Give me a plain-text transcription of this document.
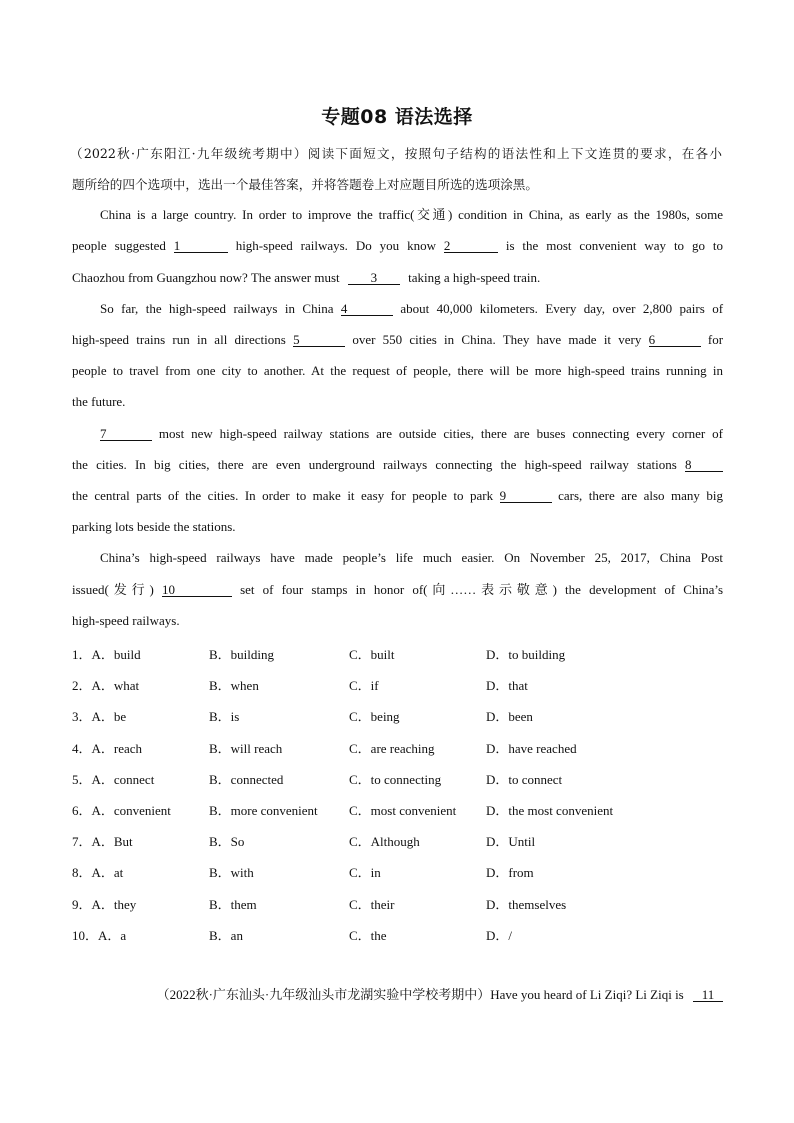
专题08 语法选择
（2022秋·广东阳江·九年级统考期中）阅读下面短文，按照句子结构的语法性和上下文连贯的要求，在各小
题所给的四个选项中，选出一个最佳答案，并将答题卷上对应题目所选的选项涂黑。
China is a large country. In order to improve the traffic(交通) condition in China, as early as the 1980s, some
people suggested 1	high-speed railways. Do you know 2	is the most convenient way to go to
Chaozhou from Guangzhou now? The answer must 3 taking a high-speed train.
So far, the high-speed railways in China 4	about 40,000 kilometers. Every day, over 2,800 pairs of
high-speed trains run in all directions 5	over 550 cities in China. They have made it very 6	for
people to travel from one city to another. At the request of people, there will be more high-speed trains running in
the future.
7	most new high-speed railway stations are outside cities, there are buses connecting every corner of
the cities. In big cities, there are even underground railways connecting the high-speed railway stations 8
the central parts of the cities. In order to make it easy for people to park 9	cars, there are also many big
parking lots beside the stations.
China’s high-speed railways have made people’s life much easier. On November 25, 2017, China Post
issued(发行) 10	set of four stamps in honor of(向……表示敬意) the development of China’s
high-speed railways.
1．A．build	B．building	C．built	D．to building
2．A．what	B．when	C．if	D．that
3．A．be	B．is	C．being	D．been
4．A．reach	B．will reach	C．are reaching	D．have reached
5．A．connect	B．connected	C．to connecting	D．to connect
6．A．convenient	B．more convenient C．most convenient D．the most convenient
7．A．But	B．So	C．Although	D．Until
8．A．at	B．with	C．in	D．from
9．A．they	B．them	C．their	D．themselves
10．A．a	B．an	C．the	D．/
（2022秋·广东汕头·九年级汕头市龙湖实验中学校考期中）Have you heard of Li Ziqi? Li Ziqi is 11
